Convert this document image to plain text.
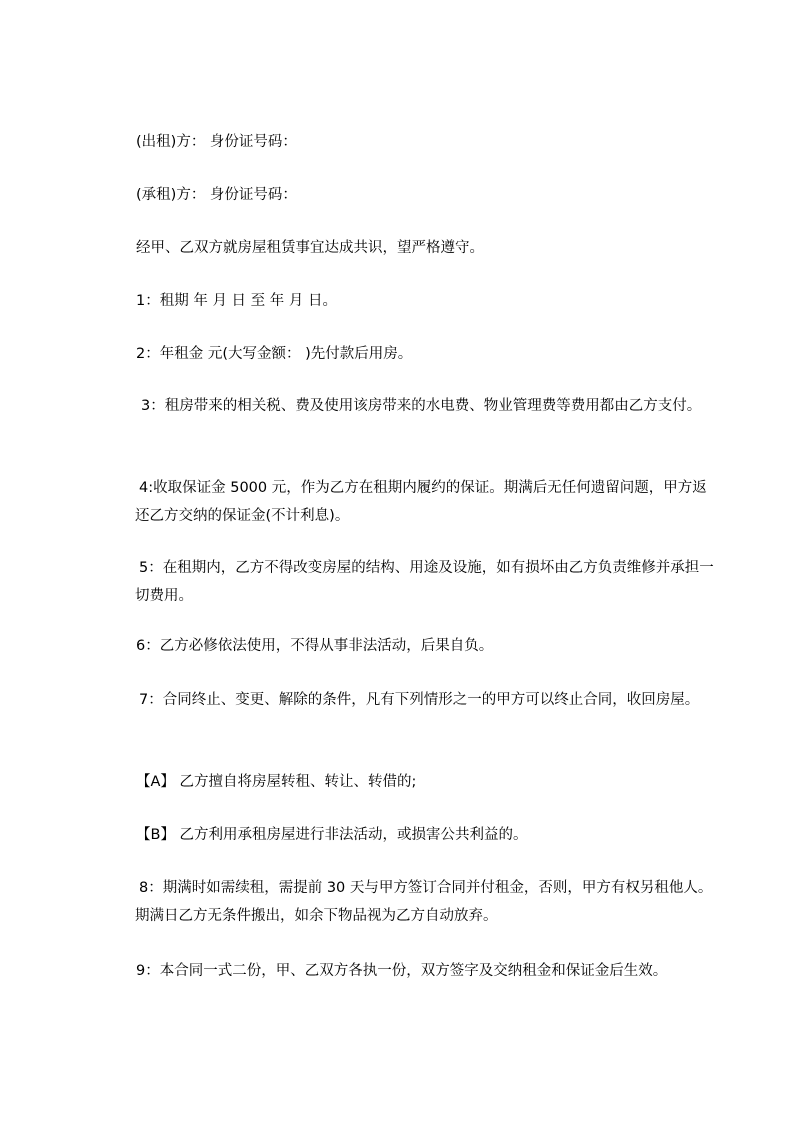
(出租)方： 身份证号码：
(承租)方： 身份证号码：
经甲、乙双方就房屋租赁事宜达成共识，望严格遵守。
1：租期 年 月 日 至 年 月 日。
2：年租金 元(大写金额： )先付款后用房。
3：租房带来的相关税、费及使用该房带来的水电费、物业管理费等费用都由乙方支付。
4:收取保证金 5000 元，作为乙方在租期内履约的保证。期满后无任何遗留问题，甲方返还乙方交纳的保证金(不计利息)。
5：在租期内，乙方不得改变房屋的结构、用途及设施，如有损坏由乙方负责维修并承担一切费用。
6：乙方必修依法使用，不得从事非法活动，后果自负。
7：合同终止、变更、解除的条件，凡有下列情形之一的甲方可以终止合同，收回房屋。
【A】 乙方擅自将房屋转租、转让、转借的;
【B】 乙方利用承租房屋进行非法活动，或损害公共利益的。
8：期满时如需续租，需提前 30 天与甲方签订合同并付租金，否则，甲方有权另租他人。期满日乙方无条件搬出，如余下物品视为乙方自动放弃。
9：本合同一式二份，甲、乙双方各执一份，双方签字及交纳租金和保证金后生效。
